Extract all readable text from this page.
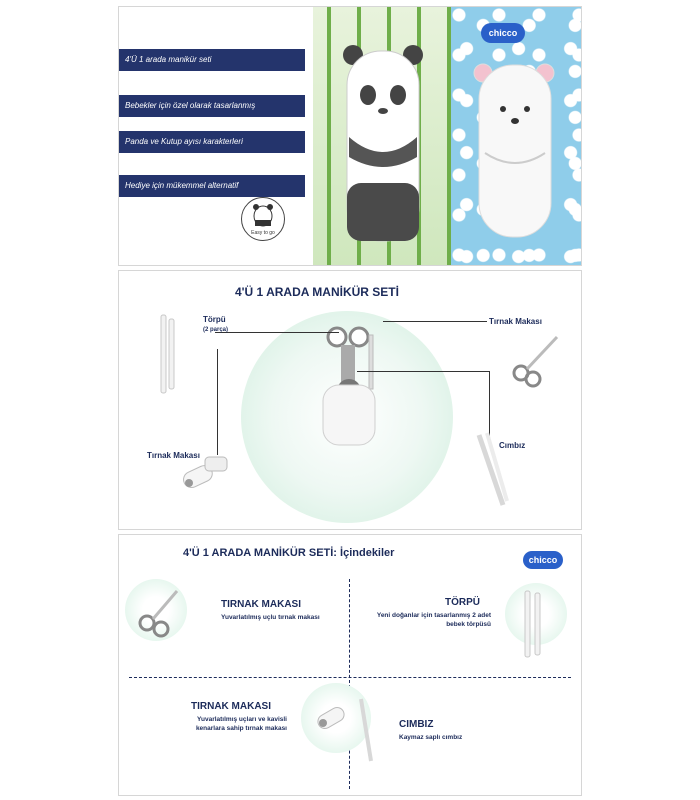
4'Ü 1 arada manikür seti
Bebekler için özel olarak tasarlanmış
Panda ve Kutup ayısı karakterleri
Hediye için mükemmel alternatif
Easy to go
chicco
4'Ü 1 ARADA MANİKÜR SETİ
Törpü
(2 parça)
Tırnak Makası
Tırnak Makası
Cımbız
4'Ü 1 ARADA MANİKÜR SETİ: İçindekiler
chicco
TIRNAK MAKASI
Yuvarlatılmış uçlu tırnak makası
TÖRPÜ
Yeni doğanlar için tasarlanmış 2 adet bebek törpüsü
TIRNAK MAKASI
Yuvarlatılmış uçları ve kavisli kenarlara sahip tırnak makası	CIMBIZ
Kaymaz saplı cımbız
